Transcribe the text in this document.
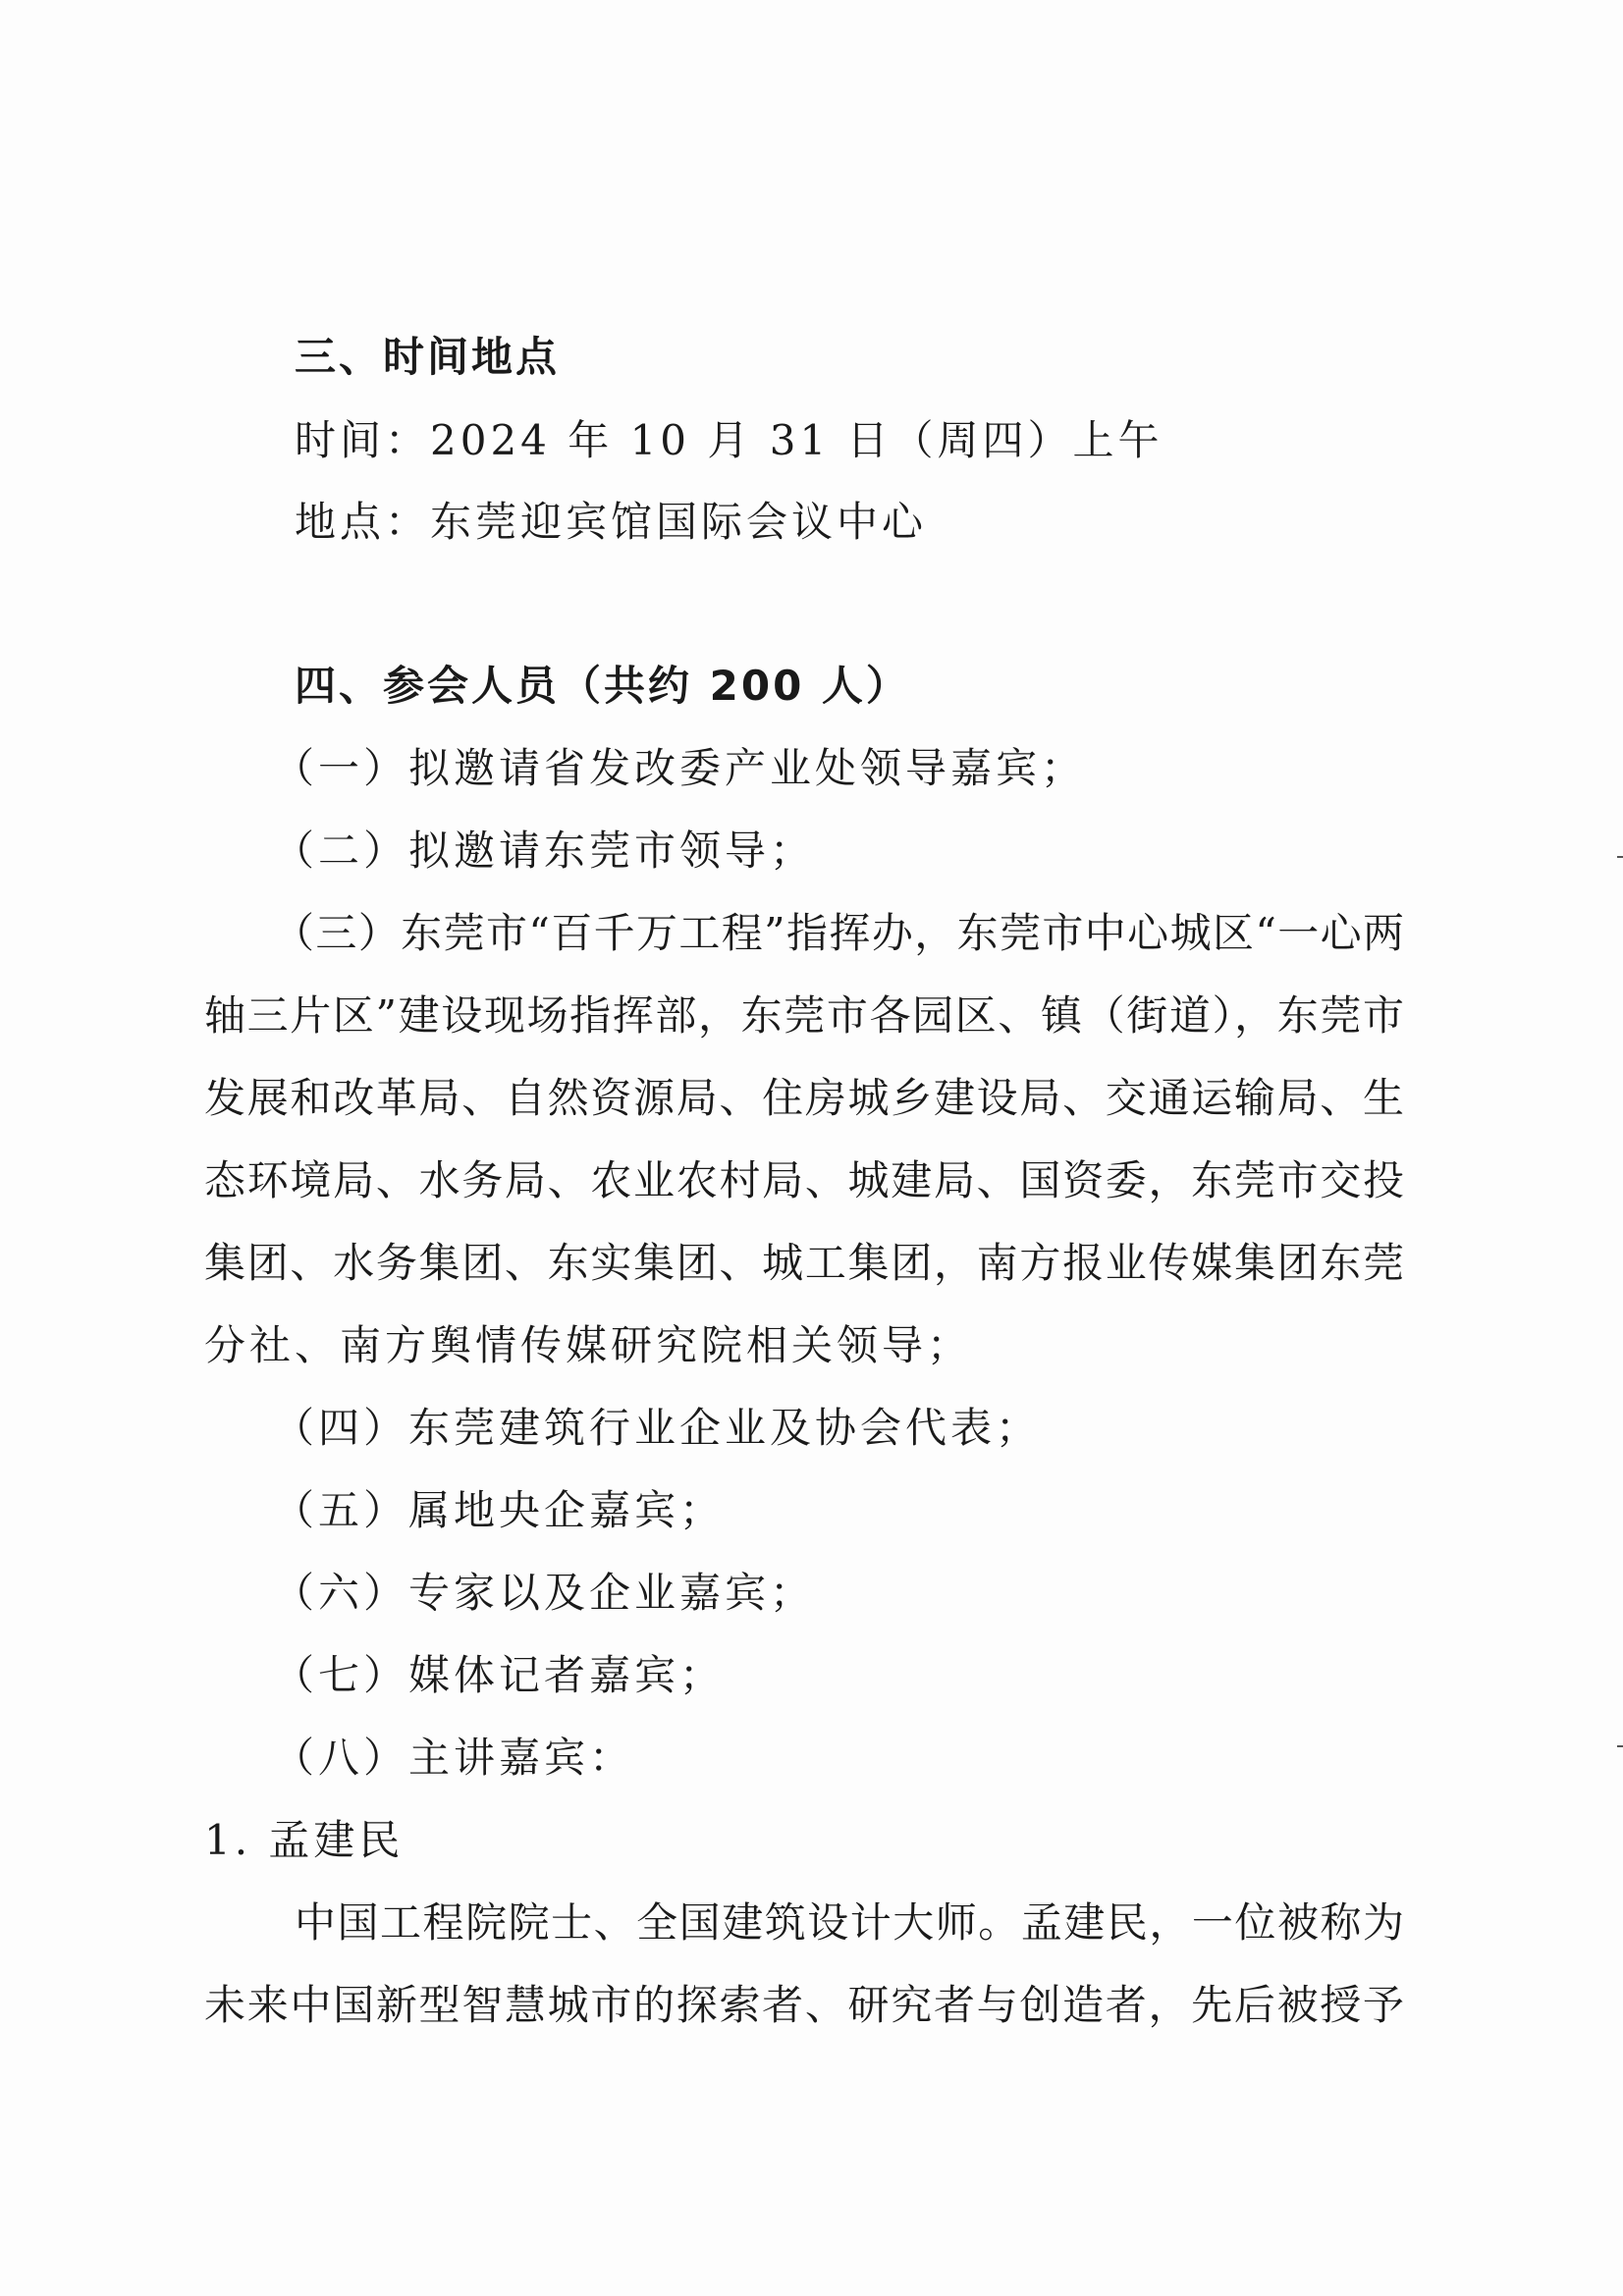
三、时间地点
时间：2024 年 10 月 31 日（周四）上午
地点：东莞迎宾馆国际会议中心
四、参会人员（共约 200 人）
（一）拟邀请省发改委产业处领导嘉宾；
（二）拟邀请东莞市领导；
（三）东莞市“百千万工程”指挥办，东莞市中心城区“一心两
轴三片区”建设现场指挥部，东莞市各园区、镇（街道），东莞市
发展和改革局、自然资源局、住房城乡建设局、交通运输局、生
态环境局、水务局、农业农村局、城建局、国资委，东莞市交投
集团、水务集团、东实集团、城工集团，南方报业传媒集团东莞
分社、南方舆情传媒研究院相关领导；
（四）东莞建筑行业企业及协会代表；
（五）属地央企嘉宾；
（六）专家以及企业嘉宾；
（七）媒体记者嘉宾；
（八）主讲嘉宾：
1. 孟建民
中国工程院院士、全国建筑设计大师。孟建民，一位被称为
未来中国新型智慧城市的探索者、研究者与创造者，先后被授予
